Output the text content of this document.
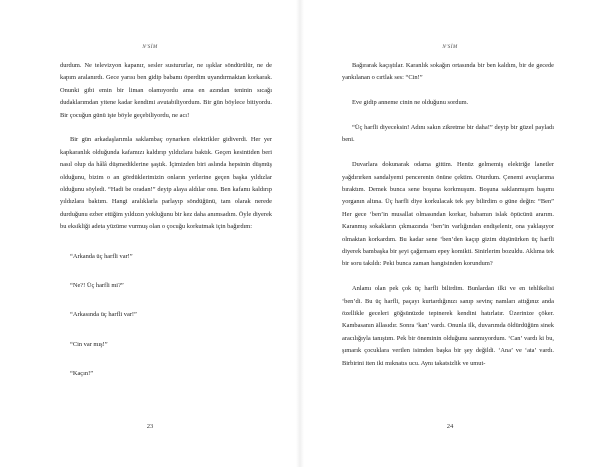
N'SİM

durdum. Ne televizyon kapanır, sesler sustururlar, ne ışıklar söndürülür, ne de kapım aralanırdı. Gece yarısı ben gidip babamı öperdim uyandırmaktan korkarak. Onunki gibi emin bir liman olamıyordu ama en azından teninin sıcağı dudaklarımdan yitene kadar kendimi avutabiliyordum. Bir gün böylece bitiyordu. Bir çocuğun günü işte böyle geçebiliyordu, ne acı!

Bir gün arkadaşlarımla saklambaç oynarken elektrikler gidiverdi. Her yer kapkaranlık olduğunda kafamızı kaldırıp yıldızlara baktık. Geçen kesintiden beri nasıl olup da hâlâ düşmediklerine şaştık. İçimizden biri aslında hepsinin düşmüş olduğunu, bizim o an gördüklerimizin onların yerlerine geçen başka yıldızlar olduğunu söyledi. “Hadi be oradan!” deyip alaya aldılar onu. Ben kafamı kaldırıp yıldızlara baktım. Hangi aralıklarla parlayıp söndüğünü, tam olarak nerede durduğunu ezber ettiğim yıldızın yokluğunu bir kez daha anımsadım. Öyle diyerek bu eksikliği adeta yüzüme vurmuş olan o çocuğu korkutmak için bağırdım:

“Arkanda üç harfli var!”

“Ne?! Üç harfli mi?”

“Arkasında üç harfli var!”

“Cin var mış!”

“Kaçın!”

23
N'SİM

Bağırarak kaçıştılar. Karanlık sokağın ortasında bir ben kaldım, bir de gecede yankılanan o cırtlak ses: “Cin!”

Eve gidip anneme cinin ne olduğunu sordum.

“Üç harfli diyeceksin! Adını sakın zikretme bir daha!” deyip bir güzel payladı beni.

Duvarlara dokunarak odama gittim. Henüz gelmemiş elektriğe lanetler yağdırırken sandalyemi pencerenin önüne çektim. Oturdum. Çenemi avuçlarıma bıraktım. Demek bunca sene boşuna korkmuşum. Boşuna saklanmışım başımı yorganın altına. Üç harfli diye korkulacak tek şey bilirdim o güne değin: “Ben” Her gece ‘ben’in musallat olmasından korkar, babamın islak öpücünü ararım. Karanmış sokakların çıkmazında ‘ben’in varlığından endişelenir, ona yaklaşıyor olmaktan korkardım. Bu kadar sene ‘ben’den kaçıp gizim düşünürken üç harfli diyerek bambaşka bir şeyi çağırmam epey komikti. Sinirlerim bozuldu. Aklıma tek bir soru takıldı: Peki bunca zaman hangisinden korundum?

Anlamı olan pek çok üç harfli bilirdim. Bunlardan ilki ve en tehlikelisi ‘ben’di. Bu üç harfli, paçayı kurtardığınızı sanıp sevinç namları attığınız anda özellikle geceleri göğsünüzde tepinerek kendini hatırlatır. Üzerinize çöker. Kambasanın ällasıdır. Sonra ‘kan’ vardı. Onunla ilk, duvarımda öldürdüğüm sinek aracılığıyla tanıştım. Pek bir öneminin olduğunu sanmıyordum. ‘Can’ vardı ki bu, şımarık çocuklara verilen isimden başka bir şey değildi. ‘Ana’ ve ‘ata’ vardı. Birbirini iten iki mıknatıs ucu. Aynı takatsizlik ve umut-

24
